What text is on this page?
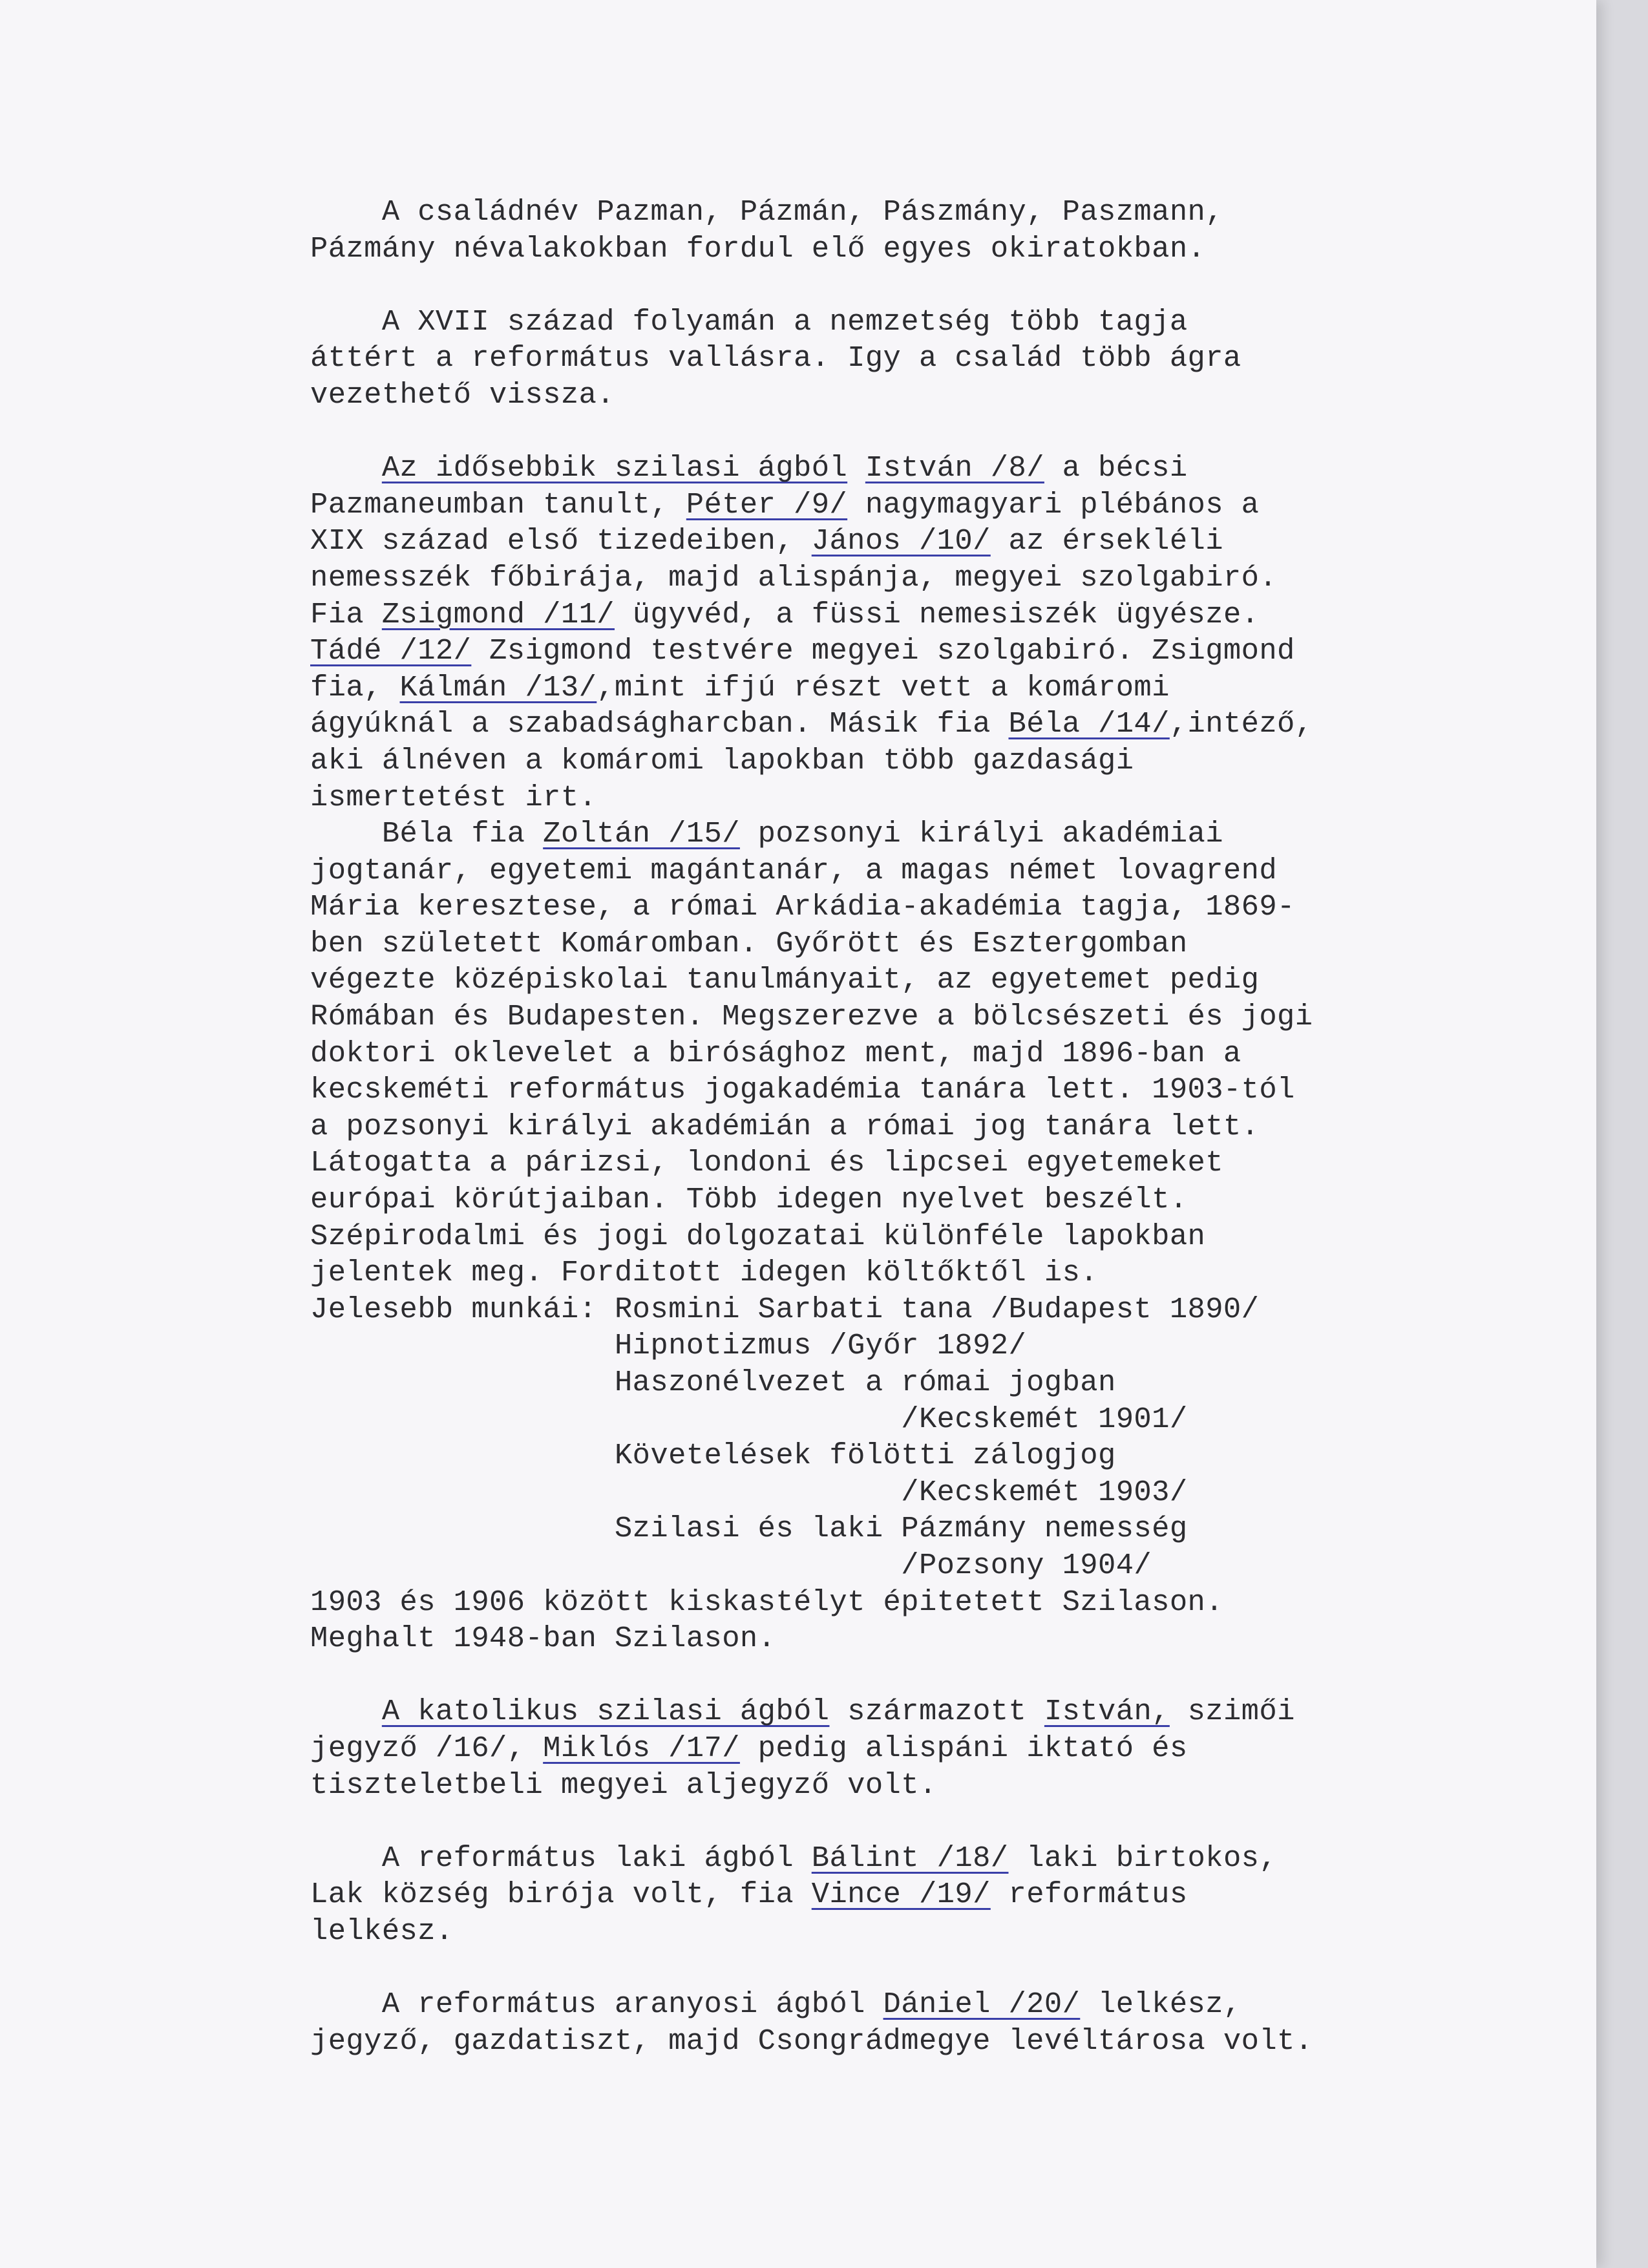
A családnév Pazman, Pázmán, Pászmány, Paszmann,
Pázmány névalakokban fordul elő egyes okiratokban.
A XVII század folyamán a nemzetség több tagja
áttért a református vallásra. Igy a család több ágra
vezethető vissza.
Az idősebbik szilasi ágból István /8/ a bécsi
Pazmaneumban tanult, Péter /9/ nagymagyari plébános a
XIX század első tizedeiben, János /10/ az érsekléli
nemesszék főbirája, majd alispánja, megyei szolgabiró.
Fia Zsigmond /11/ ügyvéd, a füssi nemesiszék ügyésze.
Tádé /12/ Zsigmond testvére megyei szolgabiró. Zsigmond
fia, Kálmán /13/,mint ifjú részt vett a komáromi
ágyúknál a szabadságharcban. Másik fia Béla /14/,intéző,
aki álnéven a komáromi lapokban több gazdasági
ismertetést irt.
Béla fia Zoltán /15/ pozsonyi királyi akadémiai
jogtanár, egyetemi magántanár, a magas német lovagrend
Mária keresztese, a római Arkádia-akadémia tagja, 1869-
ben született Komáromban. Győrött és Esztergomban
végezte középiskolai tanulmányait, az egyetemet pedig
Rómában és Budapesten. Megszerezve a bölcsészeti és jogi
doktori oklevelet a birósághoz ment, majd 1896-ban a
kecskeméti református jogakadémia tanára lett. 1903-tól
a pozsonyi királyi akadémián a római jog tanára lett.
Látogatta a párizsi, londoni és lipcsei egyetemeket
európai körútjaiban. Több idegen nyelvet beszélt.
Szépirodalmi és jogi dolgozatai különféle lapokban
jelentek meg. Forditott idegen költőktől is.
Jelesebb munkái: Rosmini Sarbati tana /Budapest 1890/
Hipnotizmus /Győr 1892/
Haszonélvezet a római jogban
/Kecskemét 1901/
Követelések fölötti zálogjog
/Kecskemét 1903/
Szilasi és laki Pázmány nemesség
/Pozsony 1904/
1903 és 1906 között kiskastélyt épitetett Szilason.
Meghalt 1948-ban Szilason.
A katolikus szilasi ágból származott István, szimői
jegyző /16/, Miklós /17/ pedig alispáni iktató és
tiszteletbeli megyei aljegyző volt.
A református laki ágból Bálint /18/ laki birtokos,
Lak község birója volt, fia Vince /19/ református
lelkész.
A református aranyosi ágból Dániel /20/ lelkész,
jegyző, gazdatiszt, majd Csongrádmegye levéltárosa volt.
